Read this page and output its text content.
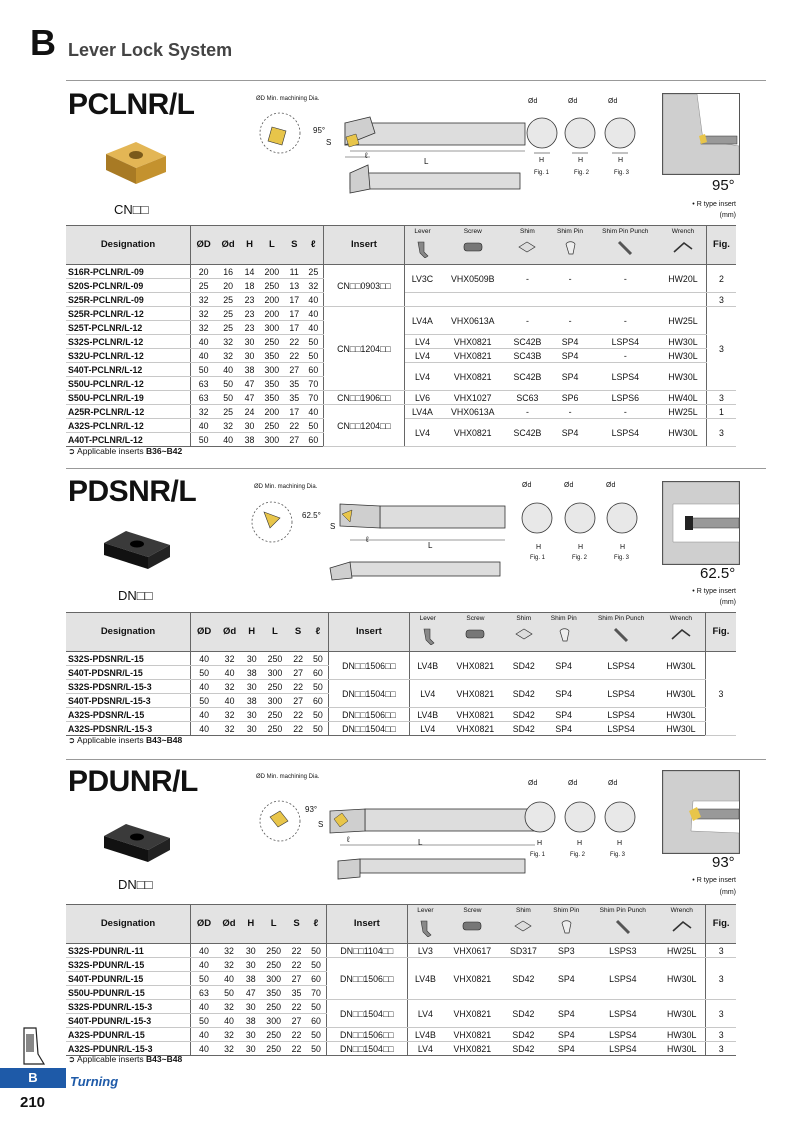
B Lever Lock System
PCLNR/L
CN□□
ØD Min. machining Dia.
95°
S
ℓ
L
Ød	Ød	Ød
H	H	H
Fig. 1	Fig. 2	Fig. 3
95°
• R type insert
(mm)
Designation	ØD	Ød	H	L	S	ℓ	Insert	Lever	Screw	Shim	Shim Pin	Shim Pin Punch	Wrench	Fig.
S16R-PCLNR/L-09	20	16	14	200	11	25	CN□□0903□□	LV3C	VHX0509B	-	-	-	HW20L	2
S20S-PCLNR/L-09	25	20	18	250	13	32								
S25R-PCLNR/L-09	32	25	23	200	17	40								3
S25R-PCLNR/L-12	32	25	23	200	17	40	CN□□1204□□	LV4A	VHX0613A	-	-	-	HW25L	3
S25T-PCLNR/L-12	32	25	23	300	17	40								
S32S-PCLNR/L-12	40	32	30	250	22	50		LV4	VHX0821	SC42B	SP4	LSPS4	HW30L	
S32U-PCLNR/L-12	40	32	30	350	22	50		LV4	VHX0821	SC43B	SP4	-	HW30L	
S40T-PCLNR/L-12	50	40	38	300	27	60		LV4	VHX0821	SC42B	SP4	LSPS4	HW30L	
S50U-PCLNR/L-12	63	50	47	350	35	70								
S50U-PCLNR/L-19	63	50	47	350	35	70	CN□□1906□□	LV6	VHX1027	SC63	SP6	LSPS6	HW40L	3
A25R-PCLNR/L-12	32	25	24	200	17	40	CN□□1204□□	LV4A	VHX0613A	-	-	-	HW25L	1
A32S-PCLNR/L-12	40	32	30	250	22	50		LV4	VHX0821	SC42B	SP4	LSPS4	HW30L	3
A40T-PCLNR/L-12	50	40	38	300	27	60								
➲ Applicable inserts B36~B42
PDSNR/L
DN□□
ØD Min. machining Dia.
62.5°
S
ℓ
L
Ød	Ød	Ød
H	H	H
Fig. 1	Fig. 2	Fig. 3
62.5°
• R type insert
(mm)
Designation	ØD	Ød	H	L	S	ℓ	Insert	Lever	Screw	Shim	Shim Pin	Shim Pin Punch	Wrench	Fig.
S32S-PDSNR/L-15	40	32	30	250	22	50	DN□□1506□□	LV4B	VHX0821	SD42	SP4	LSPS4	HW30L	3
S40T-PDSNR/L-15	50	40	38	300	27	60								
S32S-PDSNR/L-15-3	40	32	30	250	22	50	DN□□1504□□	LV4	VHX0821	SD42	SP4	LSPS4	HW30L	
S40T-PDSNR/L-15-3	50	40	38	300	27	60								
A32S-PDSNR/L-15	40	32	30	250	22	50	DN□□1506□□	LV4B	VHX0821	SD42	SP4	LSPS4	HW30L	
A32S-PDSNR/L-15-3	40	32	30	250	22	50	DN□□1504□□	LV4	VHX0821	SD42	SP4	LSPS4	HW30L	
➲ Applicable inserts B43~B48
PDUNR/L
DN□□
ØD Min. machining Dia.
93°
S
ℓ	L
Ød	Ød	Ød
H	H	H
Fig. 1	Fig. 2	Fig. 3	93°
• R type insert
(mm)
Designation	ØD	Ød	H	L	S	ℓ	Insert	Lever	Screw	Shim	Shim Pin	Shim Pin Punch	Wrench	Fig.
S32S-PDUNR/L-11	40	32	30	250	22	50	DN□□1104□□	LV3	VHX0617	SD317	SP3	LSPS3	HW25L	3
S32S-PDUNR/L-15	40	32	30	250	22	50	DN□□1506□□	LV4B	VHX0821	SD42	SP4	LSPS4	HW30L	3
S40T-PDUNR/L-15	50	40	38	300	27	60								
S50U-PDUNR/L-15	63	50	47	350	35	70								
S32S-PDUNR/L-15-3	40	32	30	250	22	50	DN□□1504□□	LV4	VHX0821	SD42	SP4	LSPS4	HW30L	3
S40T-PDUNR/L-15-3	50	40	38	300	27	60								
A32S-PDUNR/L-15	40	32	30	250	22	50	DN□□1506□□	LV4B	VHX0821	SD42	SP4	LSPS4	HW30L	3
A32S-PDUNR/L-15-3	40	32	30	250	22	50	DN□□1504□□	LV4	VHX0821	SD42	SP4	LSPS4	HW30L	3
➲ Applicable inserts B43~B48
B	Turning
210
